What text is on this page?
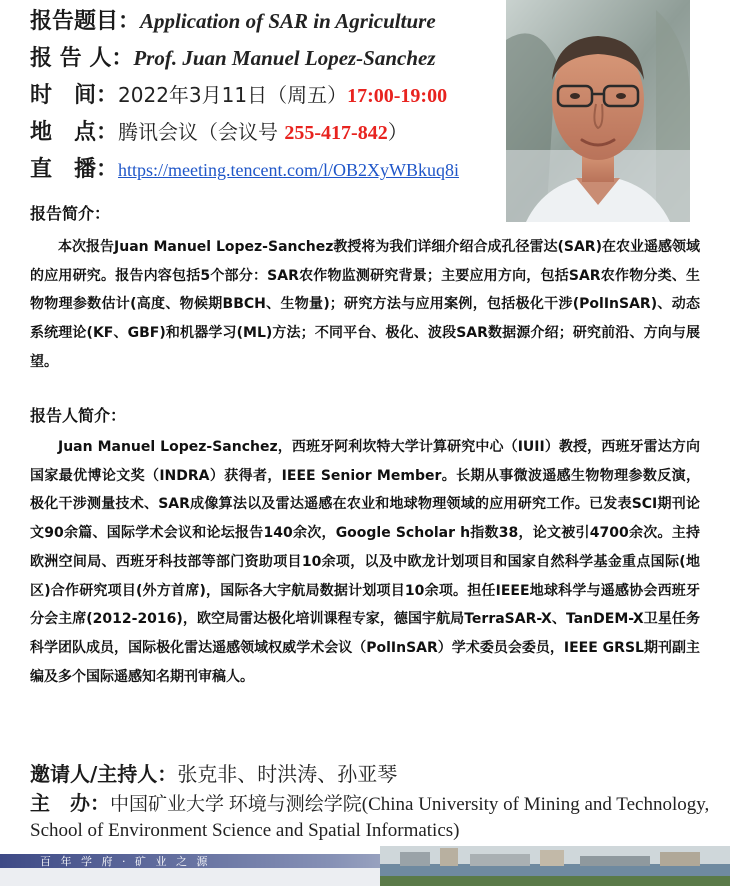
报告题目：Application of SAR in Agriculture
报 告 人：Prof. Juan Manuel Lopez-Sanchez
时　间：2022年3月11日（周五）17:00-19:00
地　点：腾讯会议（会议号 255-417-842）
直　播：https://meeting.tencent.com/l/OB2XyWBkuq8i
报告简介：

本次报告Juan Manuel Lopez-Sanchez教授将为我们详细介绍合成孔径雷达(SAR)在农业遥感领域的应用研究。报告内容包括5个部分：SAR农作物监测研究背景；主要应用方向，包括SAR农作物分类、生物物理参数估计(高度、物候期BBCH、生物量)；研究方法与应用案例，包括极化干涉(PolInSAR)、动态系统理论(KF、GBF)和机器学习(ML)方法；不同平台、极化、波段SAR数据源介绍；研究前沿、方向与展望。

报告人简介：

Juan Manuel Lopez-Sanchez，西班牙阿利坎特大学计算研究中心（IUII）教授，西班牙雷达方向国家最优博论文奖（INDRA）获得者，IEEE Senior Member。长期从事微波遥感生物物理参数反演，极化干涉测量技术、SAR成像算法以及雷达遥感在农业和地球物理领域的应用研究工作。已发表SCI期刊论文90余篇、国际学术会议和论坛报告140余次，Google Scholar h指数38，论文被引4700余次。主持欧洲空间局、西班牙科技部等部门资助项目10余项，以及中欧龙计划项目和国家自然科学基金重点国际(地区)合作研究项目(外方首席)，国际各大宇航局数据计划项目10余项。担任IEEE地球科学与遥感协会西班牙分会主席(2012-2016)，欧空局雷达极化培训课程专家，德国宇航局TerraSAR-X、TanDEM-X卫星任务科学团队成员，国际极化雷达遥感领域权威学术会议（PolInSAR）学术委员会委员，IEEE GRSL期刊副主编及多个国际遥感知名期刊审稿人。

邀请人/主持人：张克非、时洪涛、孙亚琴
主　办：中国矿业大学 环境与测绘学院(China University of Mining and Technology, School of Environment Science and Spatial Informatics)
百 年 学 府 · 矿 业 之 源
